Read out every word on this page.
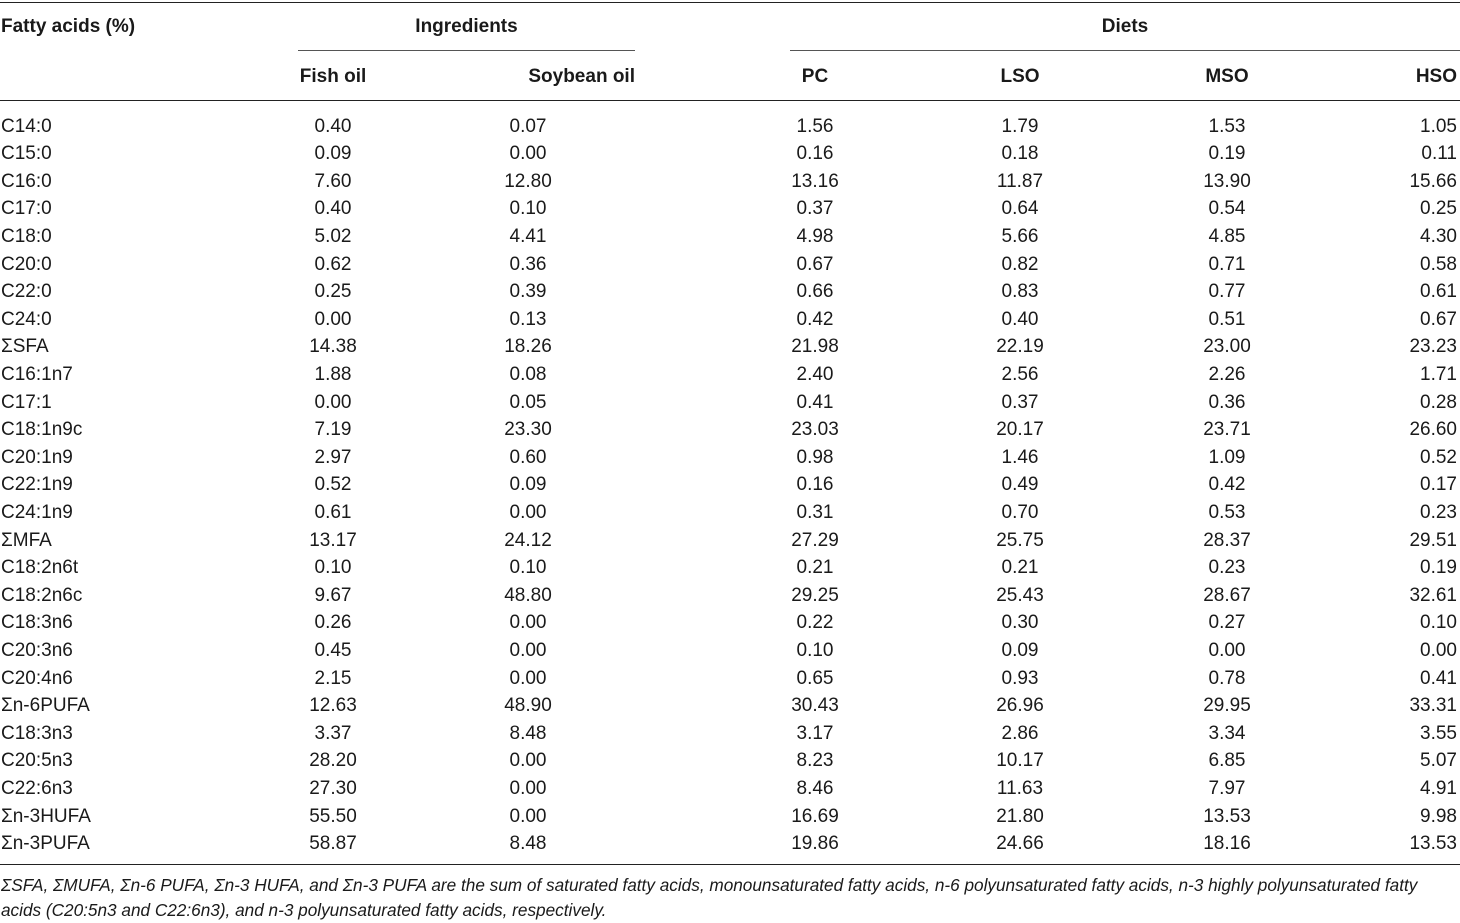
Fatty acids (%)	Ingredients	Diets
Fish oil	Soybean oil	PC	LSO	MSO	HSO
C14:0	0.40	0.07	1.56	1.79	1.53	1.05
C15:0	0.09	0.00	0.16	0.18	0.19	0.11
C16:0	7.60	12.80	13.16	11.87	13.90	15.66
C17:0	0.40	0.10	0.37	0.64	0.54	0.25
C18:0	5.02	4.41	4.98	5.66	4.85	4.30
C20:0	0.62	0.36	0.67	0.82	0.71	0.58
C22:0	0.25	0.39	0.66	0.83	0.77	0.61
C24:0	0.00	0.13	0.42	0.40	0.51	0.67
ΣSFA	14.38	18.26	21.98	22.19	23.00	23.23
C16:1n7	1.88	0.08	2.40	2.56	2.26	1.71
C17:1	0.00	0.05	0.41	0.37	0.36	0.28
C18:1n9c	7.19	23.30	23.03	20.17	23.71	26.60
C20:1n9	2.97	0.60	0.98	1.46	1.09	0.52
C22:1n9	0.52	0.09	0.16	0.49	0.42	0.17
C24:1n9	0.61	0.00	0.31	0.70	0.53	0.23
ΣMFA	13.17	24.12	27.29	25.75	28.37	29.51
C18:2n6t	0.10	0.10	0.21	0.21	0.23	0.19
C18:2n6c	9.67	48.80	29.25	25.43	28.67	32.61
C18:3n6	0.26	0.00	0.22	0.30	0.27	0.10
C20:3n6	0.45	0.00	0.10	0.09	0.00	0.00
C20:4n6	2.15	0.00	0.65	0.93	0.78	0.41
Σn-6PUFA	12.63	48.90	30.43	26.96	29.95	33.31
C18:3n3	3.37	8.48	3.17	2.86	3.34	3.55
C20:5n3	28.20	0.00	8.23	10.17	6.85	5.07
C22:6n3	27.30	0.00	8.46	11.63	7.97	4.91
Σn-3HUFA	55.50	0.00	16.69	21.80	13.53	9.98
Σn-3PUFA	58.87	8.48	19.86	24.66	18.16	13.53
ΣSFA, ΣMUFA, Σn-6 PUFA, Σn-3 HUFA, and Σn-3 PUFA are the sum of saturated fatty acids, monounsaturated fatty acids, n-6 polyunsaturated fatty acids, n-3 highly polyunsaturated fatty acids (C20:5n3 and C22:6n3), and n-3 polyunsaturated fatty acids, respectively.
